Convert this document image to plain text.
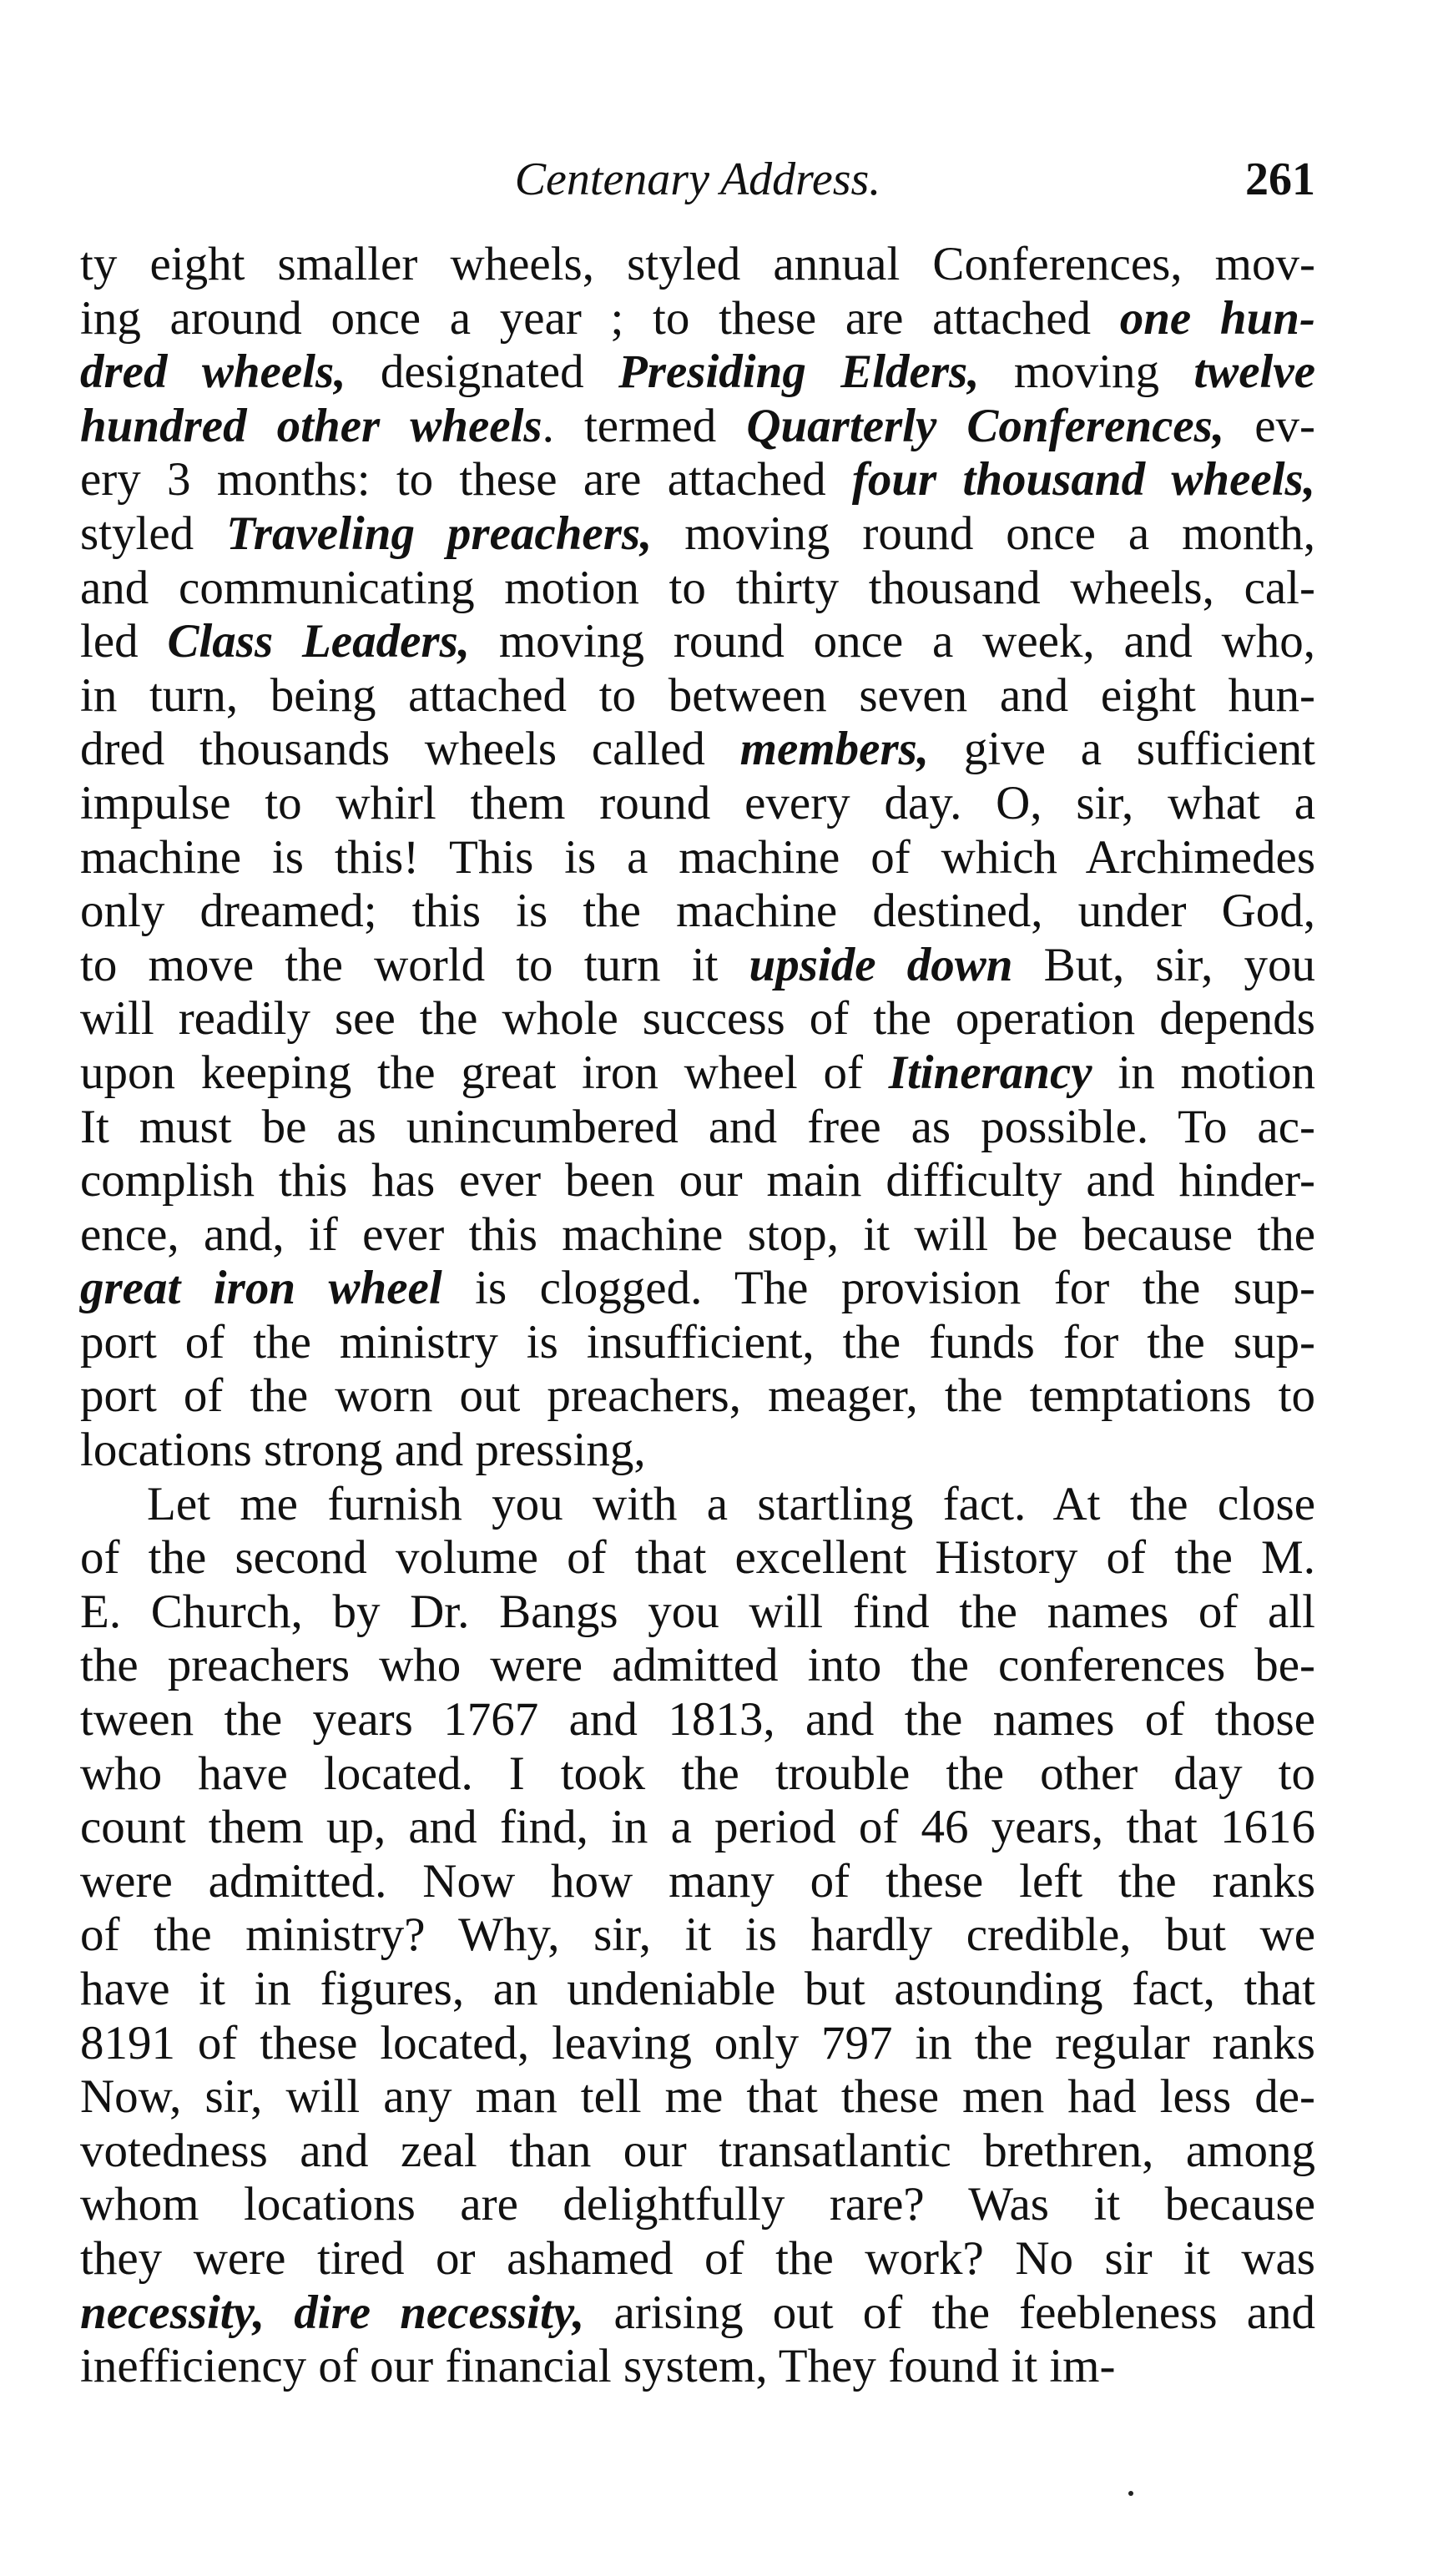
Centenary Address.	261
ty eight smaller wheels, styled annual Conferences, mov-
ing around once a year ; to these are attached one hun-
dred wheels, designated Presiding Elders, moving twelve
hundred other wheels. termed Quarterly Conferences, ev-
ery 3 months: to these are attached four thousand wheels,
styled Traveling preachers, moving round once a month,
and communicating motion to thirty thousand wheels, cal-
led Class Leaders, moving round once a week, and who,
in turn, being attached to between seven and eight hun-
dred thousands wheels called members, give a sufficient
impulse to whirl them round every day. O, sir, what a
machine is this! This is a machine of which Archimedes
only dreamed; this is the machine destined, under God,
to move the world to turn it upside down But, sir, you
will readily see the whole success of the operation depends
upon keeping the great iron wheel of Itinerancy in motion
It must be as unincumbered and free as possible. To ac-
complish this has ever been our main difficulty and hinder-
ence, and, if ever this machine stop, it will be because the
great iron wheel is clogged. The provision for the sup-
port of the ministry is insufficient, the funds for the sup-
port of the worn out preachers, meager, the temptations to
locations strong and pressing,
Let me furnish you with a startling fact. At the close
of the second volume of that excellent History of the M.
E. Church, by Dr. Bangs you will find the names of all
the preachers who were admitted into the conferences be-
tween the years 1767 and 1813, and the names of those
who have located. I took the trouble the other day to
count them up, and find, in a period of 46 years, that 1616
were admitted. Now how many of these left the ranks
of the ministry? Why, sir, it is hardly credible, but we
have it in figures, an undeniable but astounding fact, that
8191 of these located, leaving only 797 in the regular ranks
Now, sir, will any man tell me that these men had less de-
votedness and zeal than our transatlantic brethren, among
whom locations are delightfully rare? Was it because
they were tired or ashamed of the work? No sir it was
necessity, dire necessity, arising out of the feebleness and
inefficiency of our financial system, They found it im-
